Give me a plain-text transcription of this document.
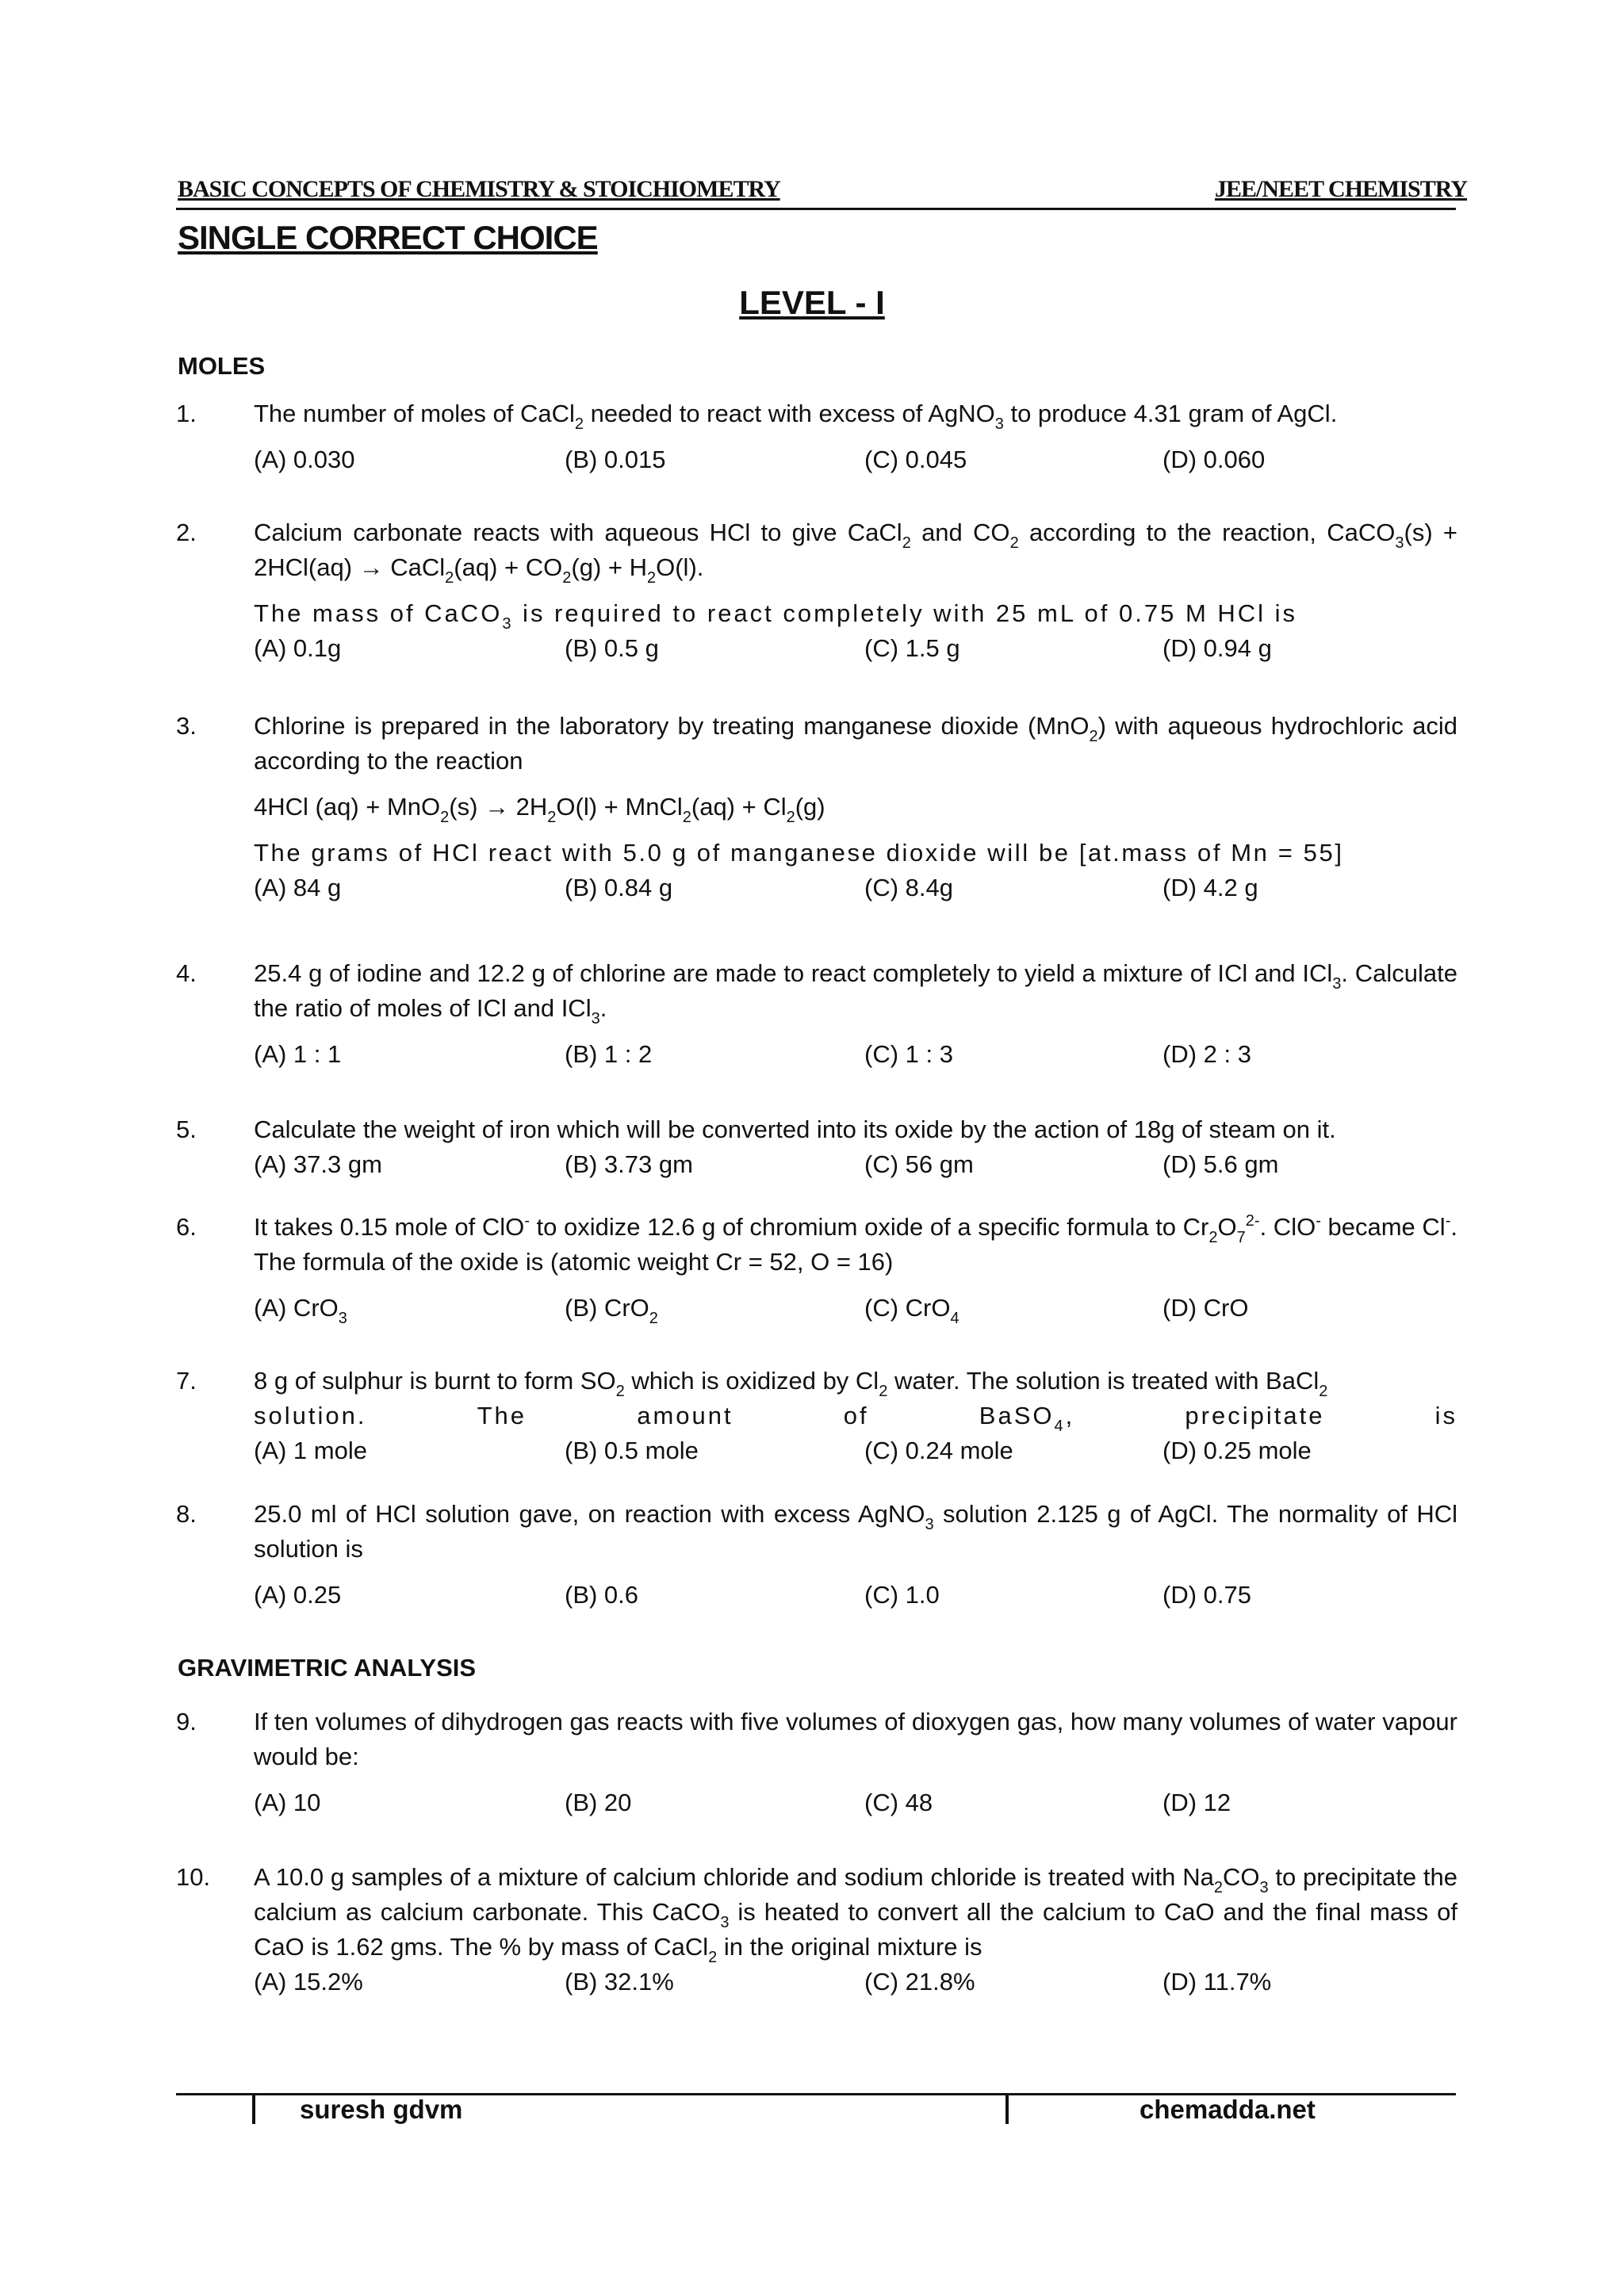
BASIC CONCEPTS OF CHEMISTRY & STOICHIOMETRY	JEE/NEET CHEMISTRY
SINGLE CORRECT CHOICE
LEVEL - I
MOLES
1. The number of moles of CaCl$_2$ needed to react with excess of AgNO$_3$ to produce 4.31 gram of AgCl.
(A) 0.030	(B) 0.015	(C) 0.045	(D) 0.060
2. Calcium carbonate reacts with aqueous HCl to give CaCl$_2$ and $CO_2$ according to the reaction, CaCO$_3$(s) + 2HCl(aq) → CaCl$_2$(aq) + $CO_2(g) + H_2O(l)$.
The mass of CaCO$_3$ is required to react completely with 25 mL of 0.75 M HCl is
(A) 0.1g	(B) 0.5 g	(C) 1.5 g	(D) 0.94 g
3. Chlorine is prepared in the laboratory by treating manganese dioxide (MnO$_2$) with aqueous hydrochloric acid according to the reaction
4HCl $(aq) + MnO_2(s) \to 2H_2O(l)$ + MnCl$_2$(aq) + $Cl_2(g)$
The grams of HCl react with 5.0 g of manganese dioxide will be [at.mass of Mn = 55]
(A) 84 g	(B) 0.84 g	(C) 8.4g	(D) 4.2 g
4. 25.4 g of iodine and 12.2 g of chlorine are made to react completely to yield a mixture of ICl and ICl$_3$. Calculate the ratio of moles of ICl and ICl$_3$.
(A) 1 : 1	(B) 1 : 2	(C) 1 : 3	(D) 2 : 3
5. Calculate the weight of iron which will be converted into its oxide by the action of 18g of steam on it.
(A) 37.3 gm	(B) 3.73 gm	(C) 56 gm	(D) 5.6 gm
6. It takes 0.15 mole of ClO- to oxidize 12.6 g of chromium oxide of a specific formula to $Cr_2O_7^{2-}$. ClO- became Cl-. The formula of the oxide is (atomic weight Cr = 52, O = 16)
(A) CrO$_3$	(B) CrO$_2$	(C) CrO$_4$	(D) CrO
7. 8 g of sulphur is burnt to form $SO_2$ which is oxidized by $Cl_2$ water. The solution is treated with BaCl$_2$
solution.	The	amount	of	BaSO$_4$,	precipitate	is
(A) 1 mole	(B) 0.5 mole	(C) 0.24 mole	(D) 0.25 mole
8. 25.0 ml of HCl solution gave, on reaction with excess AgNO$_3$ solution 2.125 g of AgCl. The normality of HCl solution is
(A) 0.25	(B) 0.6	(C) 1.0	(D) 0.75
GRAVIMETRIC ANALYSIS
9. If ten volumes of dihydrogen gas reacts with five volumes of dioxygen gas, how many volumes of water vapour would be:
(A) 10	(B) 20	(C) 48	(D) 12
10. A 10.0 g samples of a mixture of calcium chloride and sodium chloride is treated with $Na_2CO_3$ to precipitate the calcium as calcium carbonate. This CaCO$_3$ is heated to convert all the calcium to CaO and the final mass of CaO is 1.62 gms. The % by mass of CaCl$_2$ in the original mixture is
(A) 15.2%	(B) 32.1%	(C) 21.8%	(D) 11.7%
suresh gdvm	chemadda.net
